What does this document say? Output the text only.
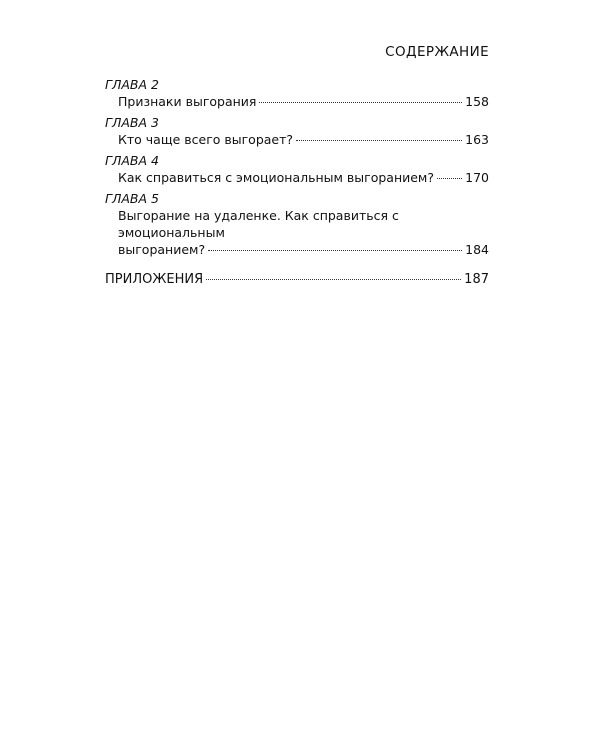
СОДЕРЖАНИЕ
ГЛАВА 2
Признаки выгорания	158
ГЛАВА 3
Кто чаще всего выгорает?	163
ГЛАВА 4
Как справиться с эмоциональным выгоранием? 170
ГЛАВА 5
Выгорание на удаленке. Как справиться с эмоциональным
выгоранием?	184
ПРИЛОЖЕНИЯ	187
